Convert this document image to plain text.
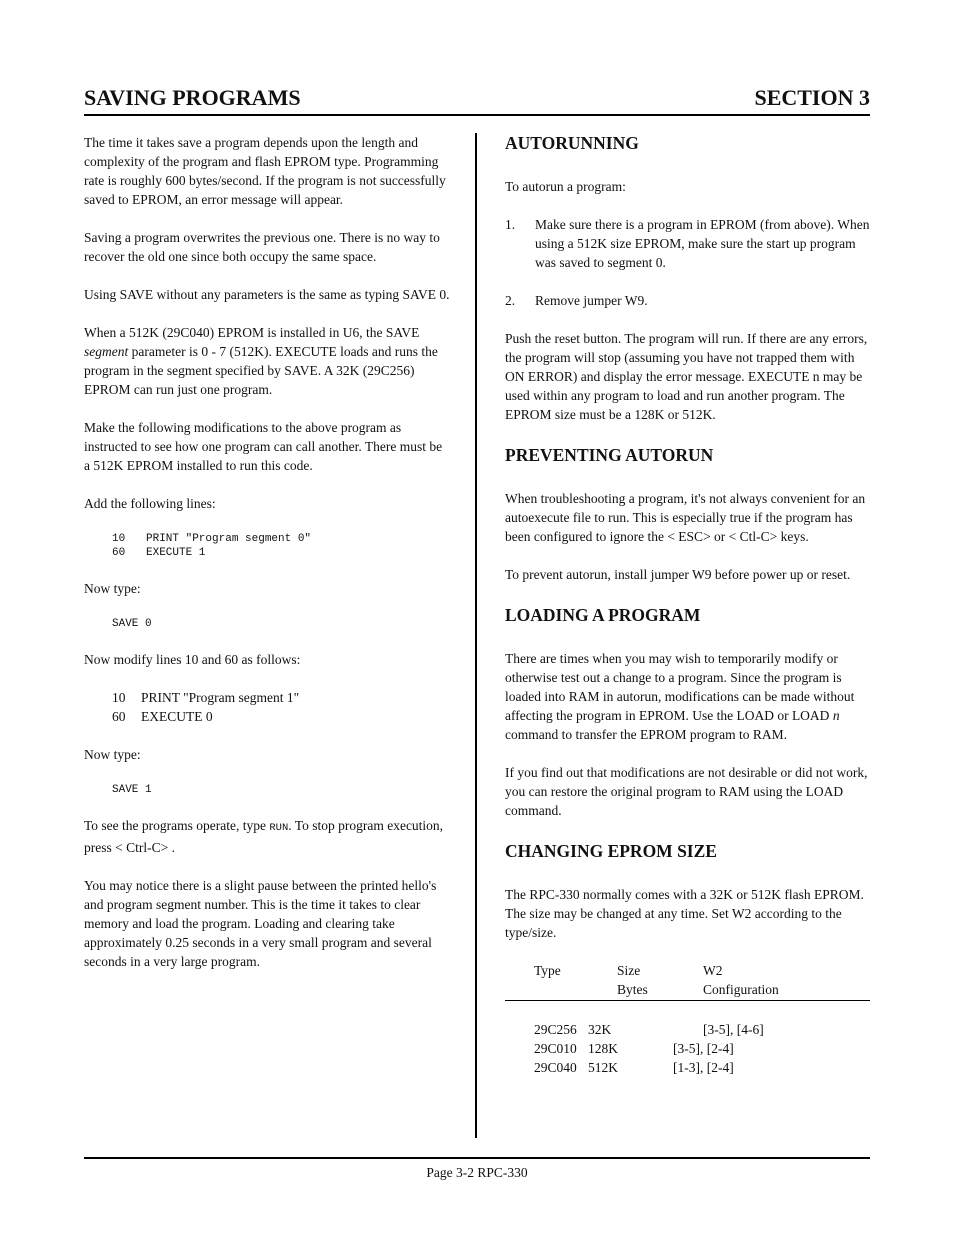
SAVING PROGRAMS	SECTION 3

The time it takes save a program depends upon the length and complexity of the program and flash EPROM type. Programming rate is roughly 600 bytes/second. If the program is not successfully saved to EPROM, an error message will appear.

Saving a program overwrites the previous one. There is no way to recover the old one since both occupy the same space.

Using SAVE without any parameters is the same as typing SAVE 0.

When a 512K (29C040) EPROM is installed in U6, the SAVE segment parameter is 0 - 7 (512K). EXECUTE loads and runs the program in the segment specified by SAVE. A 32K (29C256) EPROM can run just one program.

Make the following modifications to the above program as instructed to see how one program can call another. There must be a 512K EPROM installed to run this code.

Add the following lines:

10 PRINT "Program segment 0"
60 EXECUTE 1

Now type:

SAVE 0

Now modify lines 10 and 60 as follows:

10 PRINT "Program segment 1"
60 EXECUTE 0

Now type:

SAVE 1

To see the programs operate, type RUN. To stop program execution, press < Ctrl-C> .

You may notice there is a slight pause between the printed hello's and program segment number. This is the time it takes to clear memory and load the program. Loading and clearing take approximately 0.25 seconds in a very small program and several seconds in a very large program.

AUTORUNNING

To autorun a program:

1. Make sure there is a program in EPROM (from above). When using a 512K size EPROM, make sure the start up program was saved to segment 0.
2. Remove jumper W9.

Push the reset button. The program will run. If there are any errors, the program will stop (assuming you have not trapped them with ON ERROR) and display the error message. EXECUTE n may be used within any program to load and run another program. The EPROM size must be a 128K or 512K.

PREVENTING AUTORUN

When troubleshooting a program, it's not always convenient for an autoexecute file to run. This is especially true if the program has been configured to ignore the < ESC> or < Ctl-C> keys.

To prevent autorun, install jumper W9 before power up or reset.

LOADING A PROGRAM

There are times when you may wish to temporarily modify or otherwise test out a change to a program. Since the program is loaded into RAM in autorun, modifications can be made without affecting the program in EPROM. Use the LOAD or LOAD n command to transfer the EPROM program to RAM.

If you find out that modifications are not desirable or did not work, you can restore the original program to RAM using the LOAD command.

CHANGING EPROM SIZE

The RPC-330 normally comes with a 32K or 512K flash EPROM. The size may be changed at any time. Set W2 according to the type/size.

Type	Size	W2
Bytes	Configuration
29C256 32K	[3-5], [4-6]
29C010 128K	[3-5], [2-4]
29C040 512K	[1-3], [2-4]
Page 3-2 RPC-330
